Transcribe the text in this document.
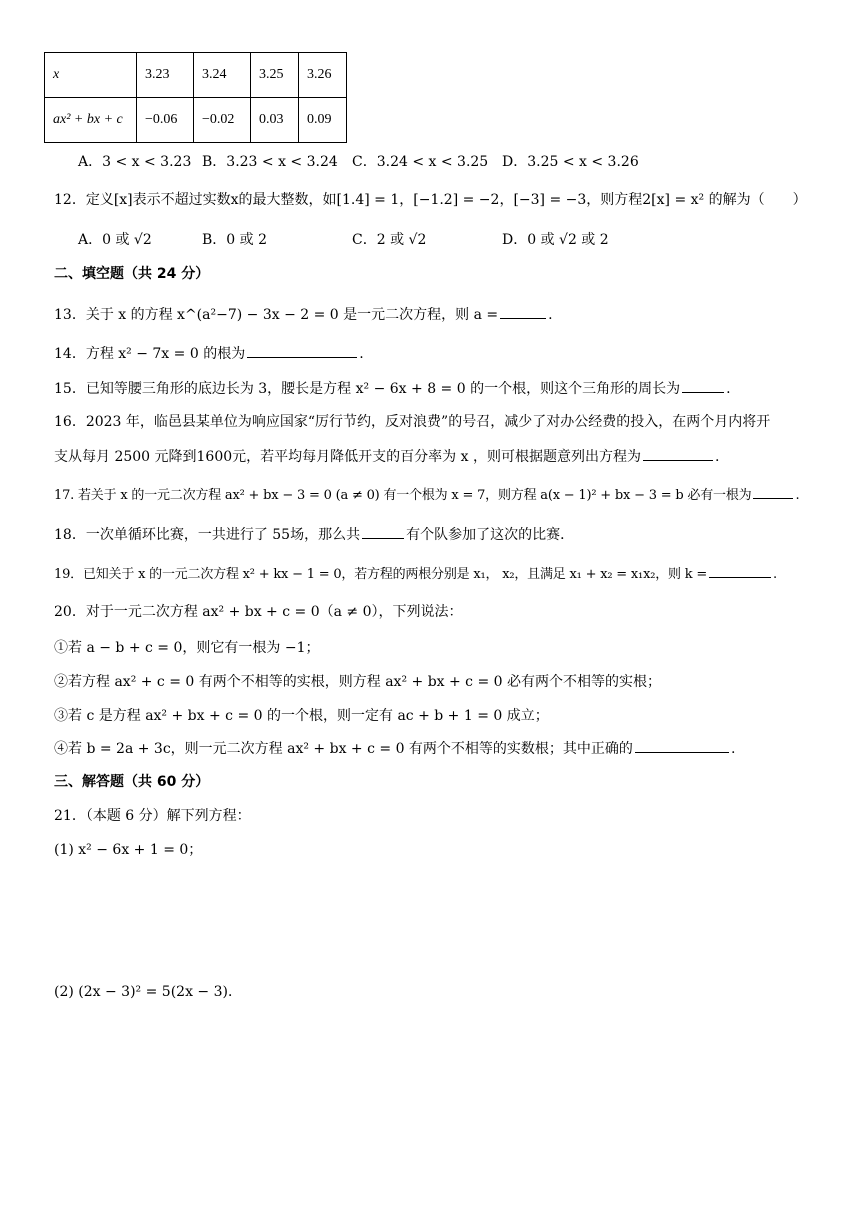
x	3.23	3.24	3.25	3.26
ax² + bx + c	−0.06	−0.02	0.03	0.09
A．3 < x < 3.23 B．3.23 < x < 3.24 C．3.24 < x < 3.25 D．3.25 < x < 3.26
12．定义[x]表示不超过实数x的最大整数，如[1.4] = 1，[−1.2] = −2，[−3] = −3，则方程2[x] = x² 的解为（　　）
A．0 或 √2	B．0 或 2	C．2 或 √2	D．0 或 √2 或 2
二、填空题（共 24 分）
13．关于 x 的方程 x^(a²−7) − 3x − 2 = 0 是一元二次方程，则 a =	.
14．方程 x² − 7x = 0 的根为	.
15．已知等腰三角形的底边长为 3，腰长是方程 x² − 6x + 8 = 0 的一个根，则这个三角形的周长为	.
16．2023 年，临邑县某单位为响应国家“厉行节约，反对浪费”的号召，减少了对办公经费的投入，在两个月内将开
支从每月 2500 元降到1600元，若平均每月降低开支的百分率为 x ，则可根据题意列出方程为	.
17. 若关于 x 的一元二次方程 ax² + bx − 3 = 0 (a ≠ 0) 有一个根为 x = 7，则方程 a(x − 1)² + bx − 3 = b 必有一根为	.
18．一次单循环比赛，一共进行了 55场，那么共	有个队参加了这次的比赛．
19．已知关于 x 的一元二次方程 x² + kx − 1 = 0，若方程的两根分别是 x₁， x₂，且满足 x₁ + x₂ = x₁x₂，则 k =	.
20．对于一元二次方程 ax² + bx + c = 0（a ≠ 0），下列说法：
①若 a − b + c = 0，则它有一根为 −1；
②若方程 ax² + c = 0 有两个不相等的实根，则方程 ax² + bx + c = 0 必有两个不相等的实根；
③若 c 是方程 ax² + bx + c = 0 的一个根，则一定有 ac + b + 1 = 0 成立；
④若 b = 2a + 3c，则一元二次方程 ax² + bx + c = 0 有两个不相等的实数根；其中正确的	.
三、解答题（共 60 分）
21．（本题 6 分）解下列方程：
(1) x² − 6x + 1 = 0；
(2) (2x − 3)² = 5(2x − 3)．
